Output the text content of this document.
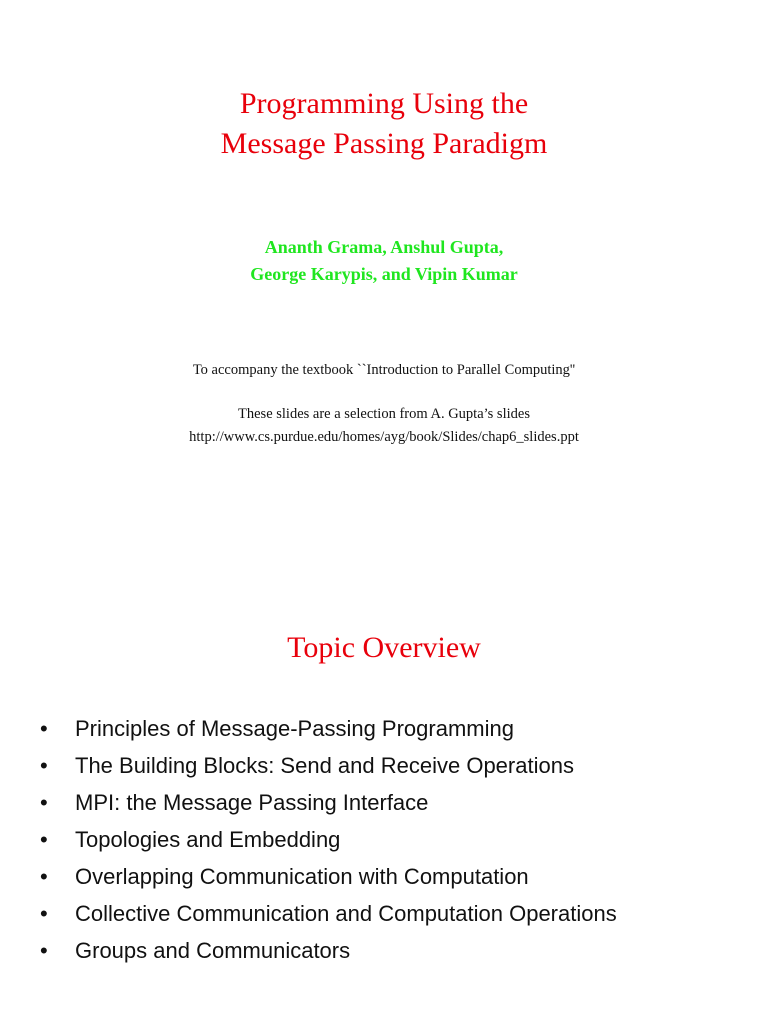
Programming Using the
Message Passing Paradigm
Ananth Grama, Anshul Gupta,
George Karypis, and Vipin Kumar
To accompany the textbook ``Introduction to Parallel Computing''
These slides are a selection from A. Gupta’s slides
http://www.cs.purdue.edu/homes/ayg/book/Slides/chap6_slides.ppt
Topic Overview
•	Principles of Message-Passing Programming
•	The Building Blocks: Send and Receive Operations
•	MPI: the Message Passing Interface
•	Topologies and Embedding
•	Overlapping Communication with Computation
•	Collective Communication and Computation Operations
•	Groups and Communicators
